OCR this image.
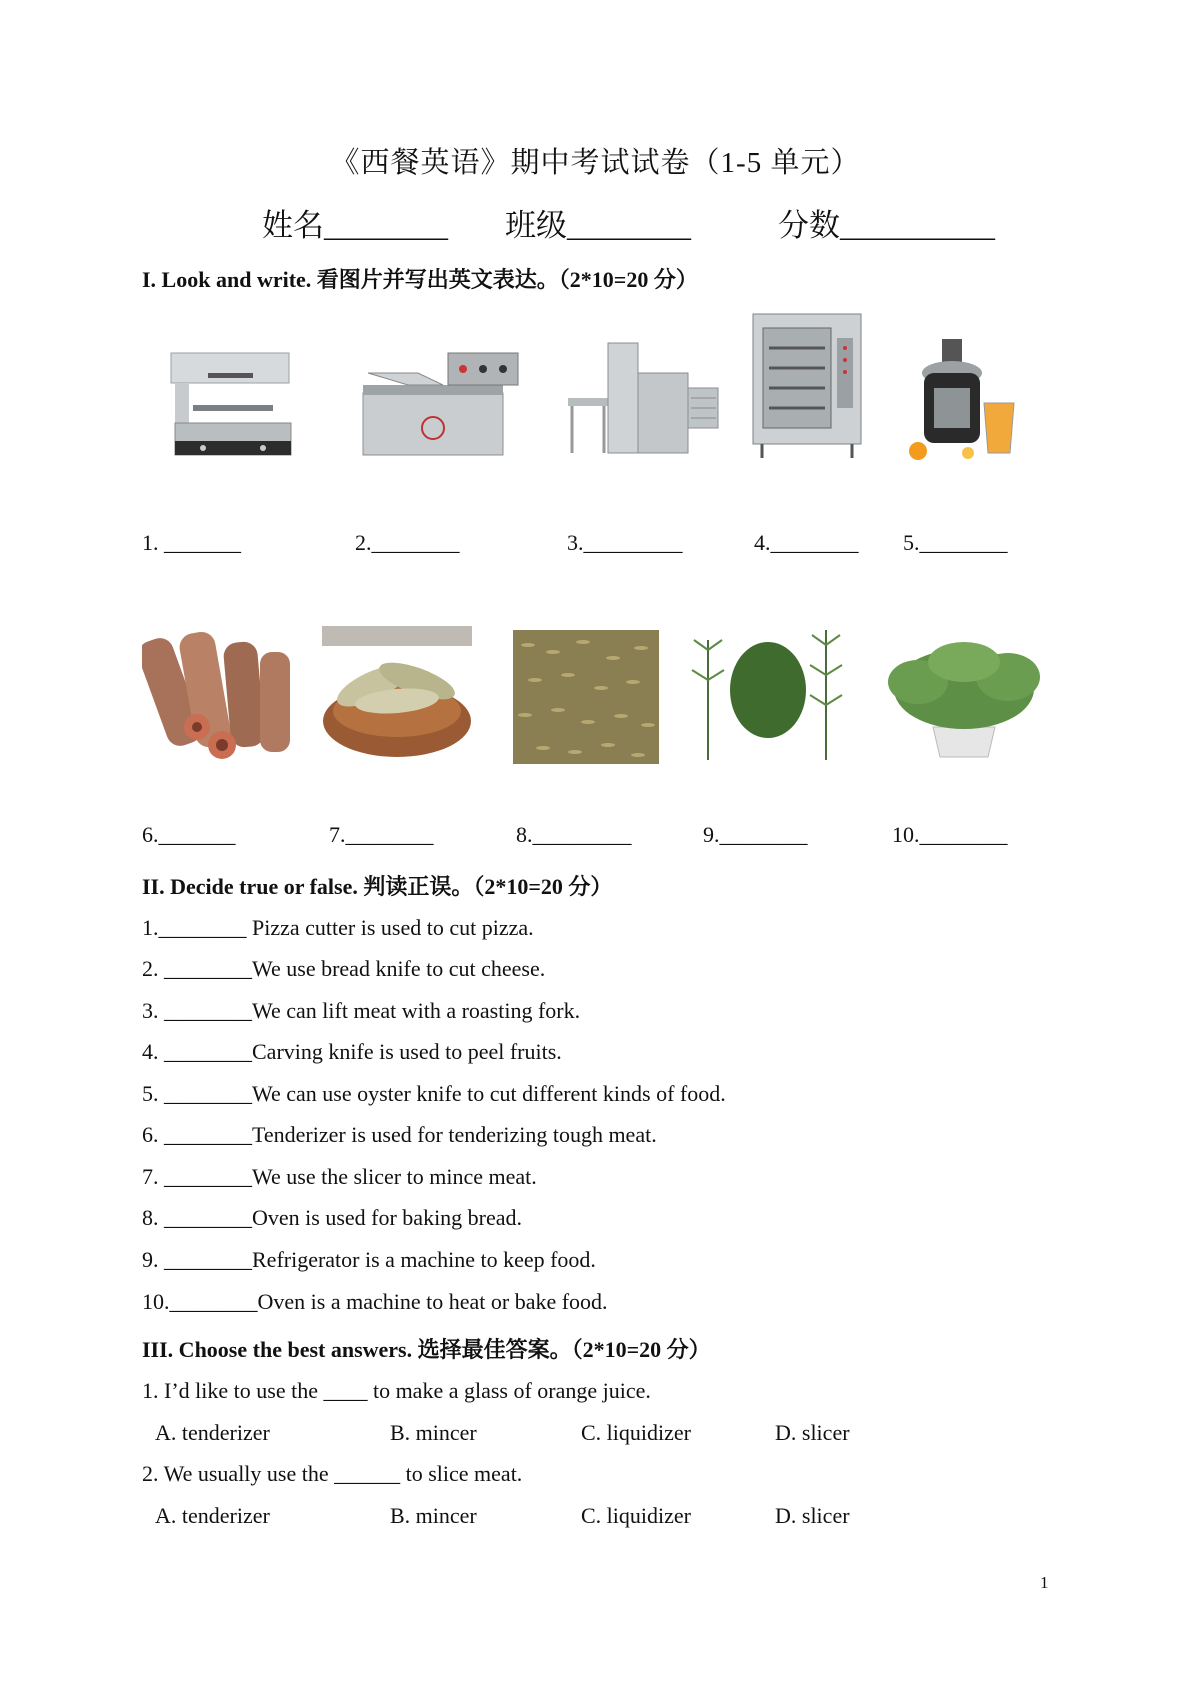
《西餐英语》期中考试试卷（1-5 单元）
姓名________ 班级________	分数__________
I. Look and write. 看图片并写出英文表达。（2*10=20 分）
1. _______	2.________	3._________	4.________ 5.________
6._______	7.________	8._________	9.________	10.________
II. Decide true or false. 判读正误。（2*10=20 分）
1.________ Pizza cutter is used to cut pizza.
2. ________We use bread knife to cut cheese.
3. ________We can lift meat with a roasting fork.
4. ________Carving knife is used to peel fruits.
5. ________We can use oyster knife to cut different kinds of food.
6. ________Tenderizer is used for tenderizing tough meat.
7. ________We use the slicer to mince meat.
8. ________Oven is used for baking bread.
9. ________Refrigerator is a machine to keep food.
10.________Oven is a machine to heat or bake food.
III. Choose the best answers. 选择最佳答案。（2*10=20 分）
1. I’d like to use the ____ to make a glass of orange juice.
A. tenderizer	B. mincer	C. liquidizer	D. slicer
2. We usually use the ______ to slice meat.
A. tenderizer	B. mincer	C. liquidizer	D. slicer
1
